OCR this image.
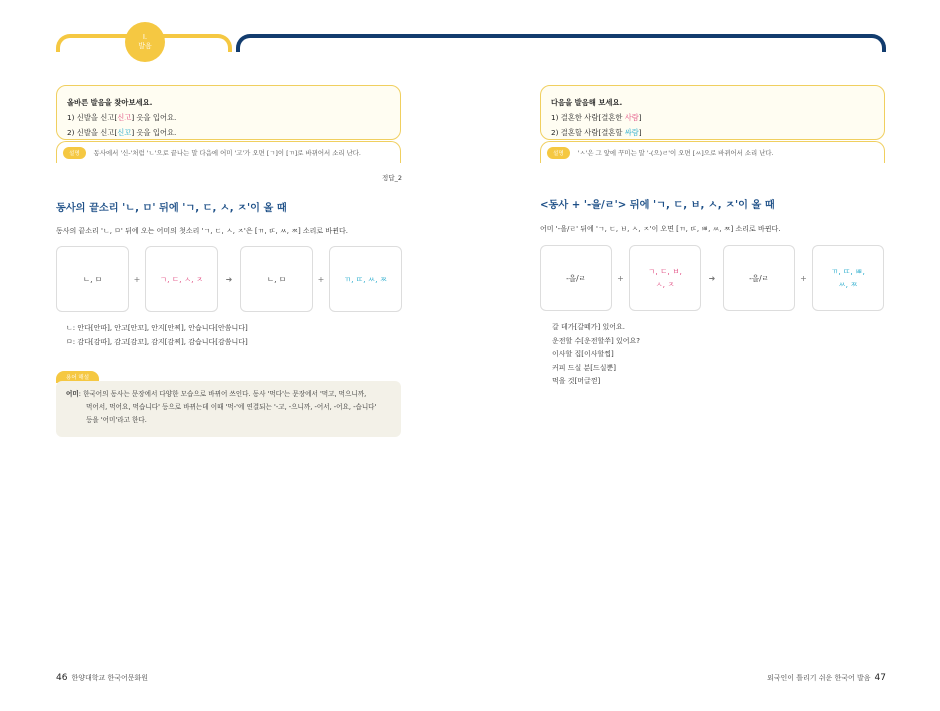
I.
발음
올바른 발음을 찾아보세요.
1) 신발을 신고[신고] 옷을 입어요.
2) 신발을 신고[신꼬] 옷을 입어요.
설명	동사에서 '신-'처럼 'ㄴ'으로 끝나는 말 다음에 어미 '고'가 오면 [ㄱ]이 [ㄲ]로 바뀌어서 소리 난다.
정답_2
동사의 끝소리 'ㄴ, ㅁ' 뒤에 'ㄱ, ㄷ, ㅅ, ㅈ'이 올 때
동사의 끝소리 'ㄴ, ㅁ' 뒤에 오는 어미의 첫소리 'ㄱ, ㄷ, ㅅ, ㅈ'은 [ㄲ, ㄸ, ㅆ, ㅉ] 소리로 바뀐다.
ㄴ, ㅁ	+	ㄱ, ㄷ, ㅅ, ㅈ	➜	ㄴ, ㅁ	+	ㄲ, ㄸ, ㅆ, ㅉ
ㄴ: 안다[안따], 안고[안꼬], 안지[안찌], 안습니다[안씀니다]
ㅁ: 감다[감따], 감고[감꼬], 감지[감찌], 감습니다[감씀니다]
용어 해설
어미: 한국어의 동사는 문장에서 다양한 모습으로 바뀌어 쓰인다. 동사 '먹다'는 문장에서 '먹고, 먹으니까,
먹어서, 먹어요, 먹습니다' 등으로 바뀌는데 이때 '먹-'에 연결되는 '-고, -으니까, -어서, -어요, -습니다'
등을 '어미'라고 한다.
다음을 발음해 보세요.
1) 결혼한 사람[결혼한 사람]
2) 결혼할 사람[결혼할 싸람]
설명	'ㅅ'은 그 앞에 꾸미는 말 '-(으)ㄹ'이 오면 [ㅆ]으로 바뀌어서 소리 난다.
<동사 + '-을/ㄹ'> 뒤에 'ㄱ, ㄷ, ㅂ, ㅅ, ㅈ'이 올 때
어미 '-을/ㄹ' 뒤에 'ㄱ, ㄷ, ㅂ, ㅅ, ㅈ'이 오면 [ㄲ, ㄸ, ㅃ, ㅆ, ㅉ] 소리로 바뀐다.
-을/ㄹ	+
ㄱ, ㄷ, ㅂ,
ㅅ, ㅈ
➜	-을/ㄹ	+
ㄲ, ㄸ, ㅃ,
ㅆ, ㅉ
갈 데가[갈떼가] 있어요.
운전할 수[운전할쑤] 있어요?
이사할 집[이사할찝]
커피 드실 분[드실뿐]
먹을 것[머글껃]
46 한양대학교 한국어문화원	외국인이 틀리기 쉬운 한국어 발음 47
